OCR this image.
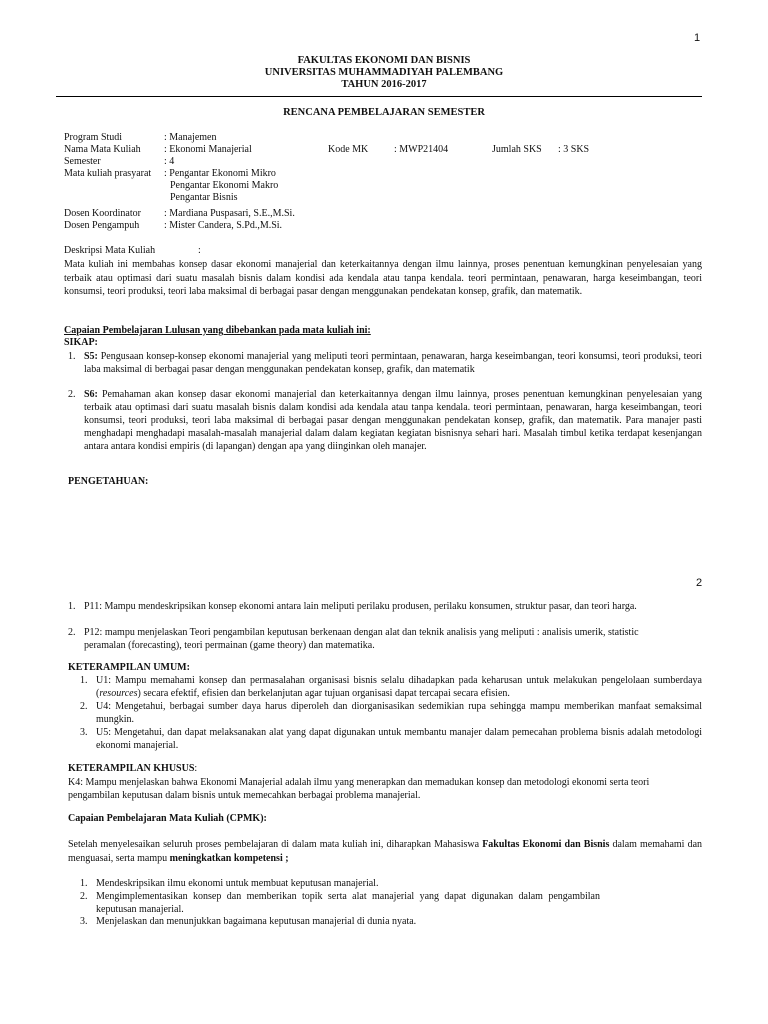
1
FAKULTAS EKONOMI DAN BISNIS
UNIVERSITAS MUHAMMADIYAH PALEMBANG
TAHUN 2016-2017
RENCANA PEMBELAJARAN SEMESTER
Program Studi	: Manajemen
Nama Mata Kuliah : Ekonomi Manajerial	Kode MK	: MWP21404	Jumlah SKS : 3 SKS
Semester	: 4
Mata kuliah prasyarat : Pengantar Ekonomi Mikro
Pengantar Ekonomi Makro
Pengantar Bisnis
Dosen Koordinator : Mardiana Puspasari, S.E.,M.Si.
Dosen Pengampuh : Mister Candera, S.Pd.,M.Si.
Deskripsi Mata Kuliah	:
Mata kuliah ini membahas konsep dasar ekonomi manajerial dan keterkaitannya dengan ilmu lainnya, proses penentuan kemungkinan penyelesaian yang terbaik atau optimasi dari suatu masalah bisnis dalam kondisi ada kendala atau tanpa kendala. teori permintaan, penawaran, harga keseimbangan, teori konsumsi, teori produksi, teori laba maksimal di berbagai pasar dengan menggunakan pendekatan konsep, grafik, dan matematik.
Capaian Pembelajaran Lulusan yang dibebankan pada mata kuliah ini:
SIKAP:
1. S5: Pengusaan konsep-konsep ekonomi manajerial yang meliputi teori permintaan, penawaran, harga keseimbangan, teori konsumsi, teori produksi, teori laba maksimal di berbagai pasar dengan menggunakan pendekatan konsep, grafik, dan matematik
2. S6: Pemahaman akan konsep dasar ekonomi manajerial dan keterkaitannya dengan ilmu lainnya, proses penentuan kemungkinan penyelesaian yang terbaik atau optimasi dari suatu masalah bisnis dalam kondisi ada kendala atau tanpa kendala. teori permintaan, penawaran, harga keseimbangan, teori konsumsi, teori produksi, teori laba maksimal di berbagai pasar dengan menggunakan pendekatan konsep, grafik, dan matematik. Para manajer pasti menghadapi menghadapi masalah-masalah manajerial dalam dalam kegiatan kegiatan bisnisnya sehari hari. Masalah timbul ketika terdapat kesenjangan antara antara kondisi empiris (di lapangan) dengan apa yang diinginkan oleh manajer.
PENGETAHUAN:
2
1. P11: Mampu mendeskripsikan konsep ekonomi antara lain meliputi perilaku produsen, perilaku konsumen, struktur pasar, dan teori harga.
2. P12: mampu menjelaskan Teori pengambilan keputusan berkenaan dengan alat dan teknik analisis yang meliputi : analisis umerik, statistic peramalan (forecasting), teori permainan (game theory) dan matematika.
KETERAMPILAN UMUM:
1. U1: Mampu memahami konsep dan permasalahan organisasi bisnis selalu dihadapkan pada keharusan untuk melakukan pengelolaan sumberdaya (resources) secara efektif, efisien dan berkelanjutan agar tujuan organisasi dapat tercapai secara efisien.
2. U4: Mengetahui, berbagai sumber daya harus diperoleh dan diorganisasikan sedemikian rupa sehingga mampu memberikan manfaat semaksimal mungkin.
3. U5: Mengetahui, dan dapat melaksanakan alat yang dapat digunakan untuk membantu manajer dalam pemecahan problema bisnis adalah metodologi ekonomi manajerial.
KETERAMPILAN KHUSUS:
K4: Mampu menjelaskan bahwa Ekonomi Manajerial adalah ilmu yang menerapkan dan memadukan konsep dan metodologi ekonomi serta teori pengambilan keputusan dalam bisnis untuk memecahkan berbagai problema manajerial.
Capaian Pembelajaran Mata Kuliah (CPMK):
Setelah menyelesaikan seluruh proses pembelajaran di dalam mata kuliah ini, diharapkan Mahasiswa Fakultas Ekonomi dan Bisnis dalam memahami dan menguasai, serta mampu meningkatkan kompetensi ;
1. Mendeskripsikan ilmu ekonomi untuk membuat keputusan manajerial.
2. Mengimplementasikan konsep dan memberikan topik serta alat manajerial yang dapat digunakan dalam pengambilan keputusan manajerial.
3. Menjelaskan dan menunjukkan bagaimana keputusan manajerial di dunia nyata.
